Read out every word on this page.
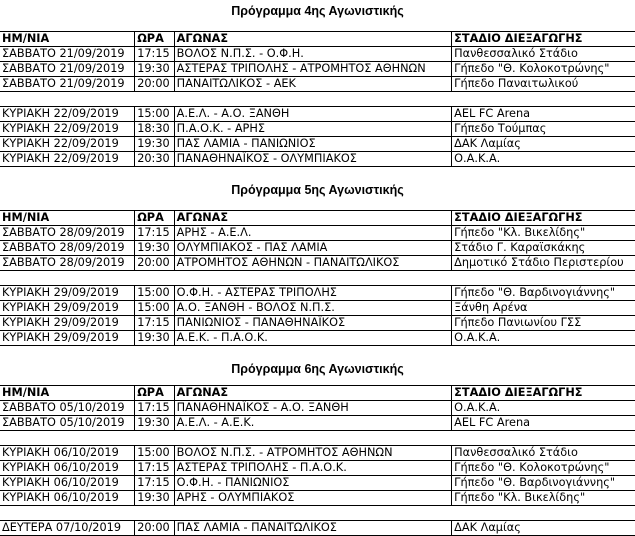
Πρόγραμμα 4ης Αγωνιστικής
ΗΜ/ΝΙΑ	ΩΡΑ	ΑΓΩΝΑΣ	ΣΤΑΔΙΟ ΔΙΕΞΑΓΩΓΗΣ
ΣΑΒΒΑΤΟ 21/09/2019	17:15	ΒΟΛΟΣ Ν.Π.Σ. - Ο.Φ.Η.	Πανθεσσαλικό Στάδιο
ΣΑΒΒΑΤΟ 21/09/2019	19:30	ΑΣΤΕΡΑΣ ΤΡΙΠΟΛΗΣ - ΑΤΡΟΜΗΤΟΣ ΑΘΗΝΩΝ	Γήπεδο "Θ. Κολοκοτρώνης"
ΣΑΒΒΑΤΟ 21/09/2019	20:00	ΠΑΝΑΙΤΩΛΙΚΟΣ - ΑΕΚ	Γήπεδο Παναιτωλικού

ΚΥΡΙΑΚΗ 22/09/2019	15:00	Α.Ε.Λ. - Α.Ο. ΞΑΝΘΗ	AEL FC Arena
ΚΥΡΙΑΚΗ 22/09/2019	18:30	Π.Α.Ο.Κ. - ΑΡΗΣ	Γήπεδο Τούμπας
ΚΥΡΙΑΚΗ 22/09/2019	19:30	ΠΑΣ ΛΑΜΙΑ - ΠΑΝΙΩΝΙΟΣ	ΔΑΚ Λαμίας
ΚΥΡΙΑΚΗ 22/09/2019	20:30	ΠΑΝΑΘΗΝΑΪΚΟΣ - ΟΛΥΜΠΙΑΚΟΣ	Ο.Α.Κ.Α.
Πρόγραμμα 5ης Αγωνιστικής
ΗΜ/ΝΙΑ	ΩΡΑ	ΑΓΩΝΑΣ	ΣΤΑΔΙΟ ΔΙΕΞΑΓΩΓΗΣ
ΣΑΒΒΑΤΟ 28/09/2019	17:15	ΑΡΗΣ - Α.Ε.Λ.	Γήπεδο "Κλ. Βικελίδης"
ΣΑΒΒΑΤΟ 28/09/2019	19:30	ΟΛΥΜΠΙΑΚΟΣ - ΠΑΣ ΛΑΜΙΑ	Στάδιο Γ. Καραϊσκάκης
ΣΑΒΒΑΤΟ 28/09/2019	20:00	ΑΤΡΟΜΗΤΟΣ ΑΘΗΝΩΝ - ΠΑΝΑΙΤΩΛΙΚΟΣ	Δημοτικό Στάδιο Περιστερίου

ΚΥΡΙΑΚΗ 29/09/2019	15:00	Ο.Φ.Η. - ΑΣΤΕΡΑΣ ΤΡΙΠΟΛΗΣ	Γήπεδο "Θ. Βαρδινογιάννης"
ΚΥΡΙΑΚΗ 29/09/2019	15:00	Α.Ο. ΞΑΝΘΗ - ΒΟΛΟΣ Ν.Π.Σ.	Ξάνθη Αρένα
ΚΥΡΙΑΚΗ 29/09/2019	17:15	ΠΑΝΙΩΝΙΟΣ - ΠΑΝΑΘΗΝΑΪΚΟΣ	Γήπεδο Πανιωνίου ΓΣΣ
ΚΥΡΙΑΚΗ 29/09/2019	19:30	Α.Ε.Κ. - Π.Α.Ο.Κ.	Ο.Α.Κ.Α.
Πρόγραμμα 6ης Αγωνιστικής
ΗΜ/ΝΙΑ	ΩΡΑ	ΑΓΩΝΑΣ	ΣΤΑΔΙΟ ΔΙΕΞΑΓΩΓΗΣ
ΣΑΒΒΑΤΟ 05/10/2019	17:15	ΠΑΝΑΘΗΝΑΪΚΟΣ - Α.Ο. ΞΑΝΘΗ	Ο.Α.Κ.Α.
ΣΑΒΒΑΤΟ 05/10/2019	19:30	Α.Ε.Λ. - Α.Ε.Κ.	AEL FC Arena

ΚΥΡΙΑΚΗ 06/10/2019	15:00	ΒΟΛΟΣ Ν.Π.Σ. - ΑΤΡΟΜΗΤΟΣ ΑΘΗΝΩΝ	Πανθεσσαλικό Στάδιο
ΚΥΡΙΑΚΗ 06/10/2019	17:15	ΑΣΤΕΡΑΣ ΤΡΙΠΟΛΗΣ - Π.Α.Ο.Κ.	Γήπεδο "Θ. Κολοκοτρώνης"
ΚΥΡΙΑΚΗ 06/10/2019	17:15	Ο.Φ.Η. - ΠΑΝΙΩΝΙΟΣ	Γήπεδο "Θ. Βαρδινογιάννης"
ΚΥΡΙΑΚΗ 06/10/2019	19:30	ΑΡΗΣ - ΟΛΥΜΠΙΑΚΟΣ	Γήπεδο "Κλ. Βικελίδης"

ΔΕΥΤΕΡΑ 07/10/2019	20:00	ΠΑΣ ΛΑΜΙΑ - ΠΑΝΑΙΤΩΛΙΚΟΣ	ΔΑΚ Λαμίας
